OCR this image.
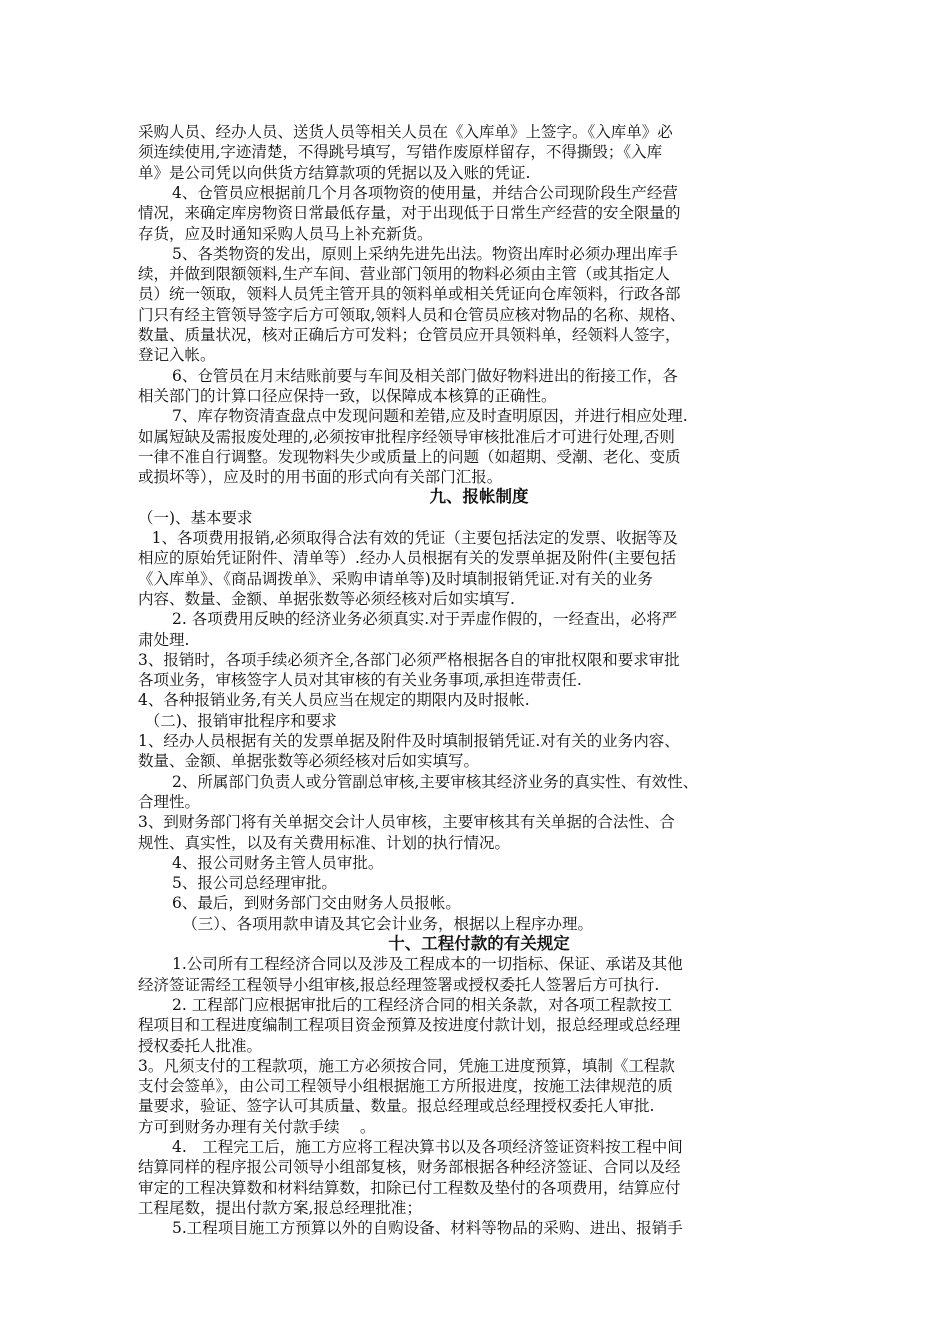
采购人员、经办人员、送货人员等相关人员在《入库单》上签字。《入库单》必
须连续使用,字迹清楚，不得跳号填写，写错作废原样留存，不得撕毁；《入库
单》是公司凭以向供货方结算款项的凭据以及入账的凭证.
4、仓管员应根据前几个月各项物资的使用量，并结合公司现阶段生产经营
情况，来确定库房物资日常最低存量，对于出现低于日常生产经营的安全限量的
存货，应及时通知采购人员马上补充新货。
5、各类物资的发出，原则上采纳先进先出法。物资出库时必须办理出库手
续，并做到限额领料,生产车间、营业部门领用的物料必须由主管（或其指定人
员）统一领取，领料人员凭主管开具的领料单或相关凭证向仓库领料，行政各部
门只有经主管领导签字后方可领取,领料人员和仓管员应核对物品的名称、规格、
数量、质量状况，核对正确后方可发料；仓管员应开具领料单，经领料人签字，
登记入帐。
6、仓管员在月末结账前要与车间及相关部门做好物料进出的衔接工作，各
相关部门的计算口径应保持一致，以保障成本核算的正确性。
7、库存物资清查盘点中发现问题和差错,应及时查明原因，并进行相应处理.
如属短缺及需报废处理的,必须按审批程序经领导审核批准后才可进行处理,否则
一律不准自行调整。发现物料失少或质量上的问题（如超期、受潮、老化、变质
或损坏等），应及时的用书面的形式向有关部门汇报。
九、报帐制度
（一)、基本要求
1、各项费用报销,必须取得合法有效的凭证（主要包括法定的发票、收据等及
相应的原始凭证附件、清单等）.经办人员根据有关的发票单据及附件(主要包括
《入库单》、《商品调拨单》、采购申请单等)及时填制报销凭证.对有关的业务
内容、数量、金额、单据张数等必须经核对后如实填写.
2. 各项费用反映的经济业务必须真实.对于弄虚作假的，一经查出，必将严
肃处理.
3、报销时，各项手续必须齐全,各部门必须严格根据各自的审批权限和要求审批
各项业务，审核签字人员对其审核的有关业务事项,承担连带责任.
4、各种报销业务,有关人员应当在规定的期限内及时报帐.
（二)、报销审批程序和要求
1、经办人员根据有关的发票单据及附件及时填制报销凭证.对有关的业务内容、
数量、金额、单据张数等必须经核对后如实填写。
2、所属部门负责人或分管副总审核,主要审核其经济业务的真实性、有效性、
合理性。
3、到财务部门将有关单据交会计人员审核，主要审核其有关单据的合法性、合
规性、真实性，以及有关费用标准、计划的执行情况。
4、报公司财务主管人员审批。
5、报公司总经理审批。
6、最后，到财务部门交由财务人员报帐。
（三）、各项用款申请及其它会计业务，根据以上程序办理。
十、工程付款的有关规定
1.公司所有工程经济合同以及涉及工程成本的一切指标、保证、承诺及其他
经济签证需经工程领导小组审核,报总经理签署或授权委托人签署后方可执行.
2. 工程部门应根据审批后的工程经济合同的相关条款，对各项工程款按工
程项目和工程进度编制工程项目资金预算及按进度付款计划，报总经理或总经理
授权委托人批准。
3。凡须支付的工程款项，施工方必须按合同，凭施工进度预算，填制《工程款
支付会签单》，由公司工程领导小组根据施工方所报进度，按施工法律规范的质
量要求，验证、签字认可其质量、数量。报总经理或总经理授权委托人审批.
方可到财务办理有关付款手续　 。
4.　工程完工后，施工方应将工程决算书以及各项经济签证资料按工程中间
结算同样的程序报公司领导小组部复核，财务部根据各种经济签证、合同以及经
审定的工程决算数和材料结算数，扣除已付工程数及垫付的各项费用，结算应付
工程尾数，提出付款方案,报总经理批准；
5.工程项目施工方预算以外的自购设备、材料等物品的采购、进出、报销手
